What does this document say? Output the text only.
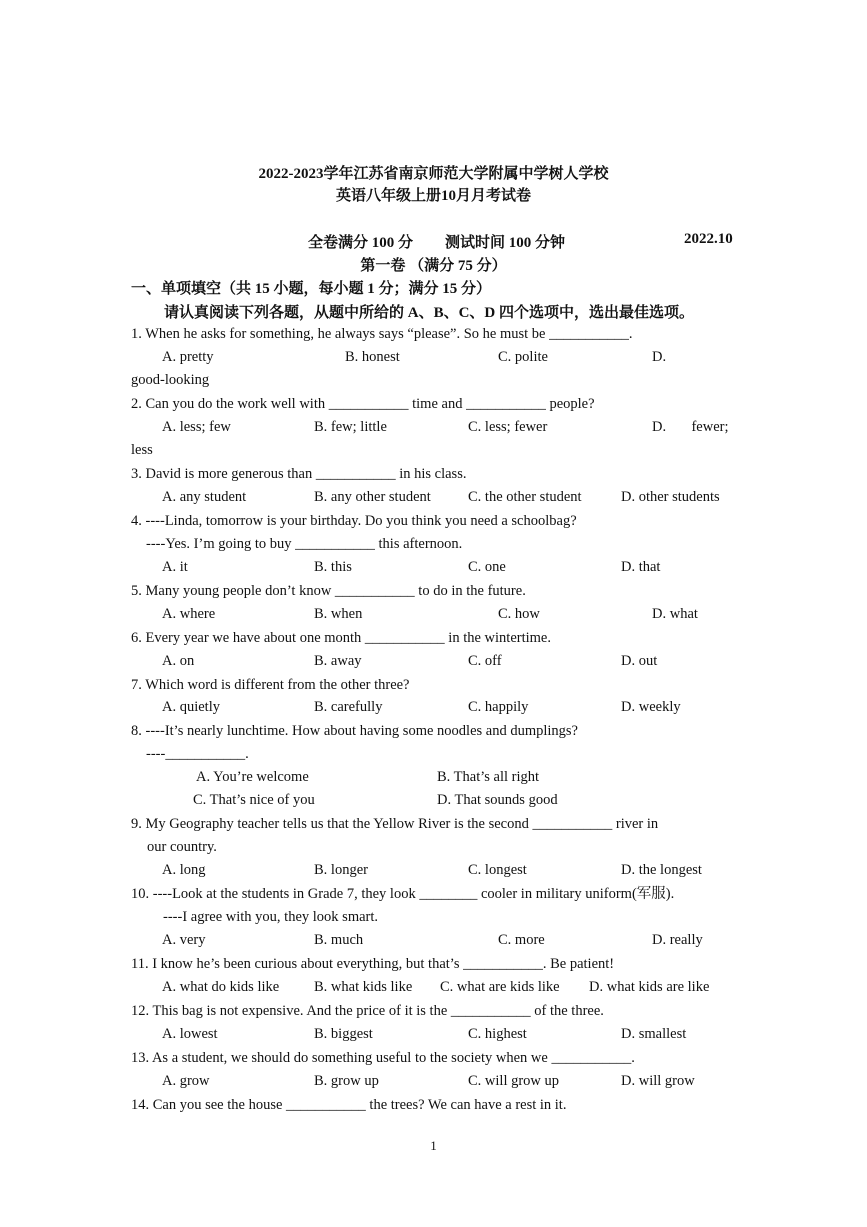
2022-2023学年江苏省南京师范大学附属中学树人学校
英语八年级上册10月月考试卷
全卷满分 100 分 测试时间 100 分钟	2022.10
第一卷 （满分 75 分）
一、单项填空（共 15 小题，每小题 1 分；满分 15 分）
请认真阅读下列各题，从题中所给的 A、B、C、D 四个选项中，选出最佳选项。
1. When he asks for something, he always says “please”. So he must be ___________.
A. pretty	B. honest	C. polite	D.
good-looking
2. Can you do the work well with ___________ time and ___________ people?
A. less; few	B. few; little	C. less; fewer	D.       fewer;
less
3. David is more generous than ___________ in his class.
A. any student	B. any other student	C. the other student	D. other students
4. ----Linda, tomorrow is your birthday. Do you think you need a schoolbag?
----Yes. I’m going to buy ___________ this afternoon.
A. it	B. this	C. one	D. that
5. Many young people don’t know ___________ to do in the future.
A. where	B. when	C. how	D. what
6. Every year we have about one month ___________ in the wintertime.
A. on	B. away	C. off	D. out
7. Which word is different from the other three?
A. quietly	B. carefully	C. happily	D. weekly
8. ----It’s nearly lunchtime. How about having some noodles and dumplings?
----___________.
A. You’re welcome	B. That’s all right
C. That’s nice of you	D. That sounds good
9. My Geography teacher tells us that the Yellow River is the second ___________ river in
our country.
A. long	B. longer	C. longest	D. the longest
10. ----Look at the students in Grade 7, they look ________ cooler in military uniform(军服).
----I agree with you, they look smart.
A. very	B. much	C. more	D. really
11. I know he’s been curious about everything, but that’s ___________. Be patient!
A. what do kids like B. what kids like C. what are kids like D. what kids are like
12. This bag is not expensive. And the price of it is the ___________ of the three.
A. lowest	B. biggest	C. highest	D. smallest
13. As a student, we should do something useful to the society when we ___________.
A. grow	B. grow up	C. will grow up	D. will grow
14. Can you see the house ___________ the trees? We can have a rest in it.
1
